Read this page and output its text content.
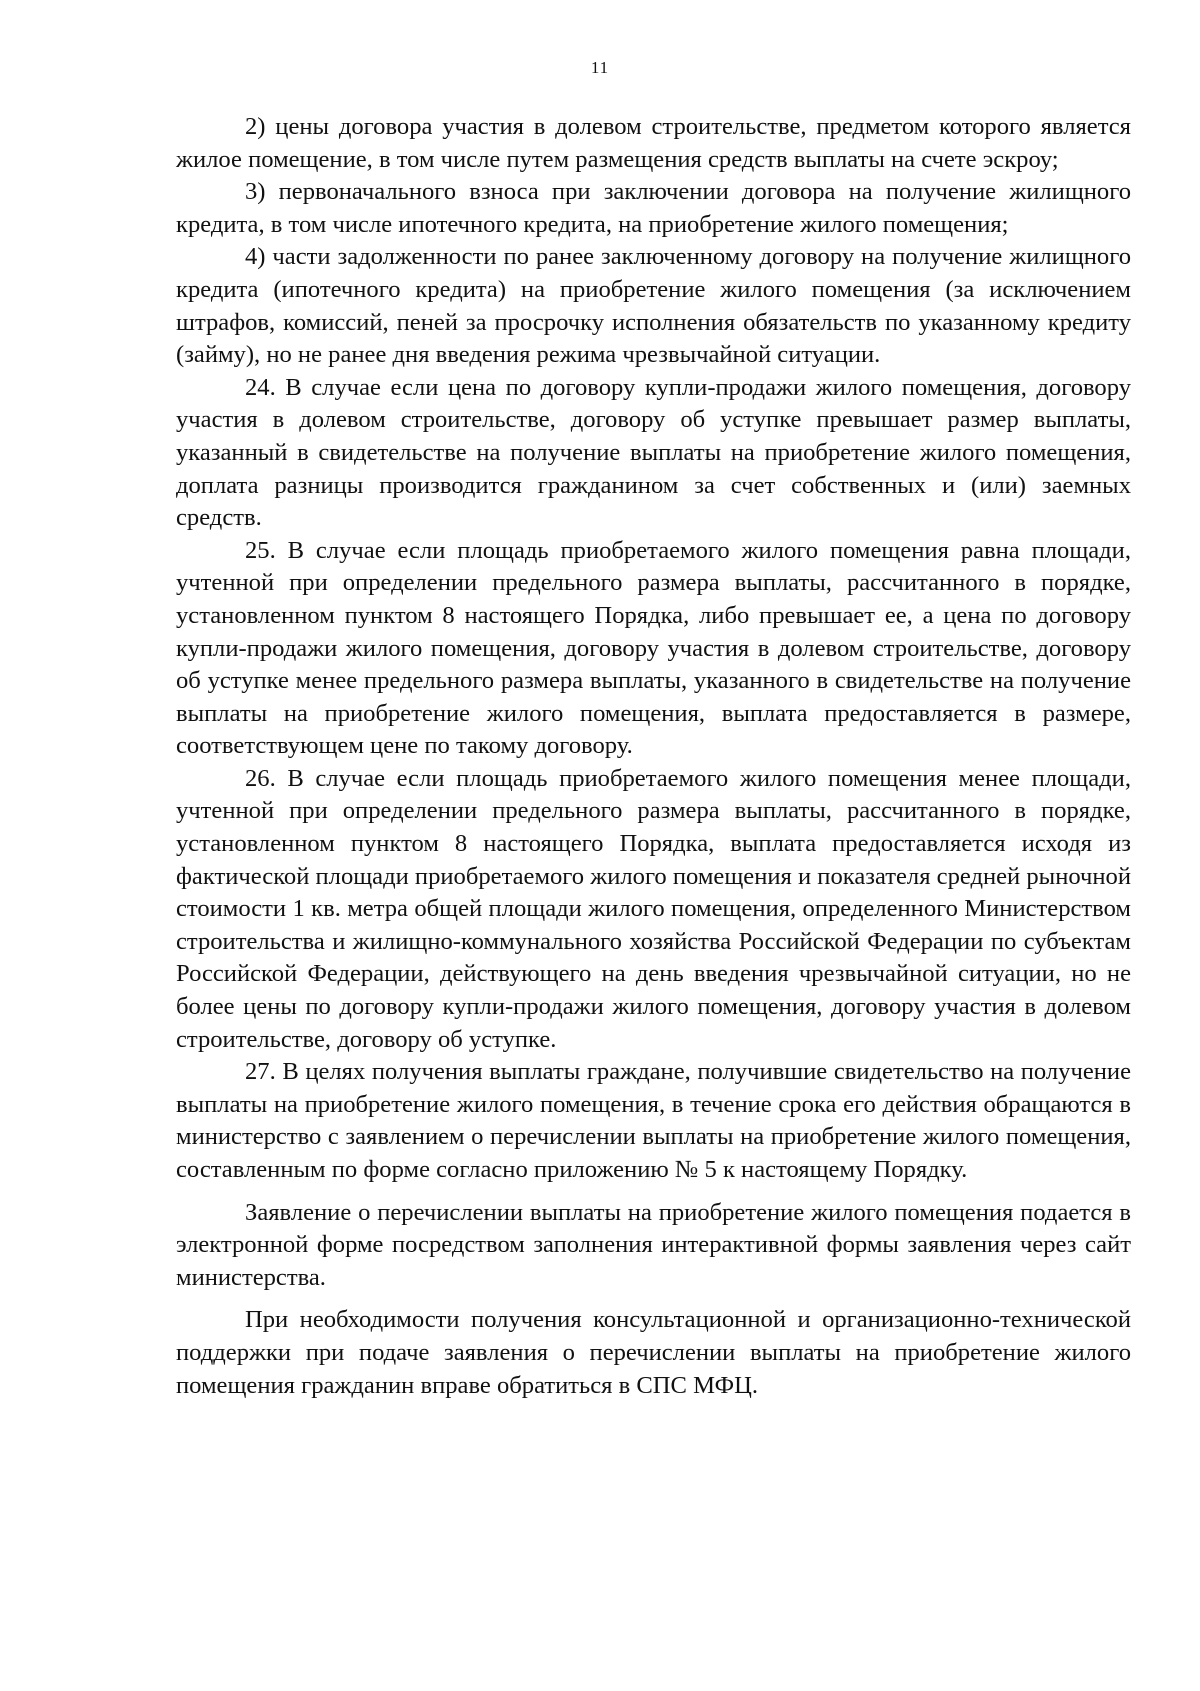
11

2) цены договора участия в долевом строительстве, предметом которого является жилое помещение, в том числе путем размещения средств выплаты на счете эскроу;

3) первоначального взноса при заключении договора на получение жилищного кредита, в том числе ипотечного кредита, на приобретение жилого помещения;

4) части задолженности по ранее заключенному договору на получение жилищного кредита (ипотечного кредита) на приобретение жилого помещения (за исключением штрафов, комиссий, пеней за просрочку исполнения обязательств по указанному кредиту (займу), но не ранее дня введения режима чрезвычайной ситуации.

24. В случае если цена по договору купли-продажи жилого помещения, договору участия в долевом строительстве, договору об уступке превышает размер выплаты, указанный в свидетельстве на получение выплаты на приобретение жилого помещения, доплата разницы производится гражданином за счет собственных и (или) заемных средств.

25. В случае если площадь приобретаемого жилого помещения равна площади, учтенной при определении предельного размера выплаты, рассчитанного в порядке, установленном пунктом 8 настоящего Порядка, либо превышает ее, а цена по договору купли-продажи жилого помещения, договору участия в долевом строительстве, договору об уступке менее предельного размера выплаты, указанного в свидетельстве на получение выплаты на приобретение жилого помещения, выплата предоставляется в размере, соответствующем цене по такому договору.

26. В случае если площадь приобретаемого жилого помещения менее площади, учтенной при определении предельного размера выплаты, рассчитанного в порядке, установленном пунктом 8 настоящего Порядка, выплата предоставляется исходя из фактической площади приобретаемого жилого помещения и показателя средней рыночной стоимости 1 кв. метра общей площади жилого помещения, определенного Министерством строительства и жилищно-коммунального хозяйства Российской Федерации по субъектам Российской Федерации, действующего на день введения чрезвычайной ситуации, но не более цены по договору купли-продажи жилого помещения, договору участия в долевом строительстве, договору об уступке.

27. В целях получения выплаты граждане, получившие свидетельство на получение выплаты на приобретение жилого помещения, в течение срока его действия обращаются в министерство с заявлением о перечислении выплаты на приобретение жилого помещения, составленным по форме согласно приложению № 5 к настоящему Порядку.

Заявление о перечислении выплаты на приобретение жилого помещения подается в электронной форме посредством заполнения интерактивной формы заявления через сайт министерства.

При необходимости получения консультационной и организационно-технической поддержки при подаче заявления о перечислении выплаты на приобретение жилого помещения гражданин вправе обратиться в СПС МФЦ.
